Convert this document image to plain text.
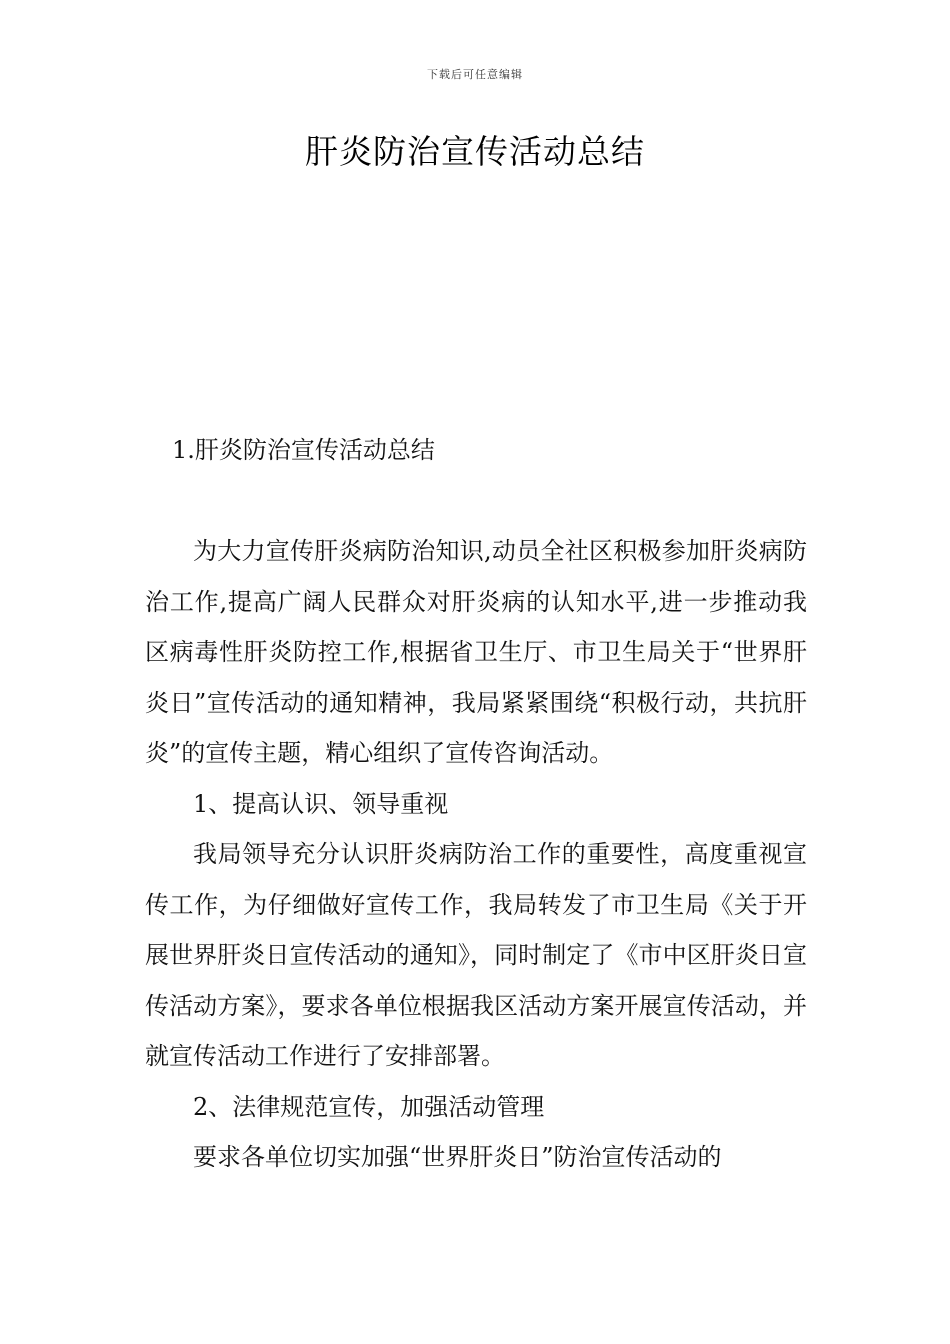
下载后可任意编辑
肝炎防治宣传活动总结
1.肝炎防治宣传活动总结

为大力宣传肝炎病防治知识,动员全社区积极参加肝炎病防治工作,提高广阔人民群众对肝炎病的认知水平,进一步推动我区病毒性肝炎防控工作,根据省卫生厅、市卫生局关于“世界肝炎日”宣传活动的通知精神，我局紧紧围绕“积极行动，共抗肝炎”的宣传主题，精心组织了宣传咨询活动。

1、提高认识、领导重视

我局领导充分认识肝炎病防治工作的重要性，高度重视宣传工作，为仔细做好宣传工作，我局转发了市卫生局《关于开展世界肝炎日宣传活动的通知》，同时制定了《市中区肝炎日宣传活动方案》，要求各单位根据我区活动方案开展宣传活动，并就宣传活动工作进行了安排部署。

2、法律规范宣传，加强活动管理

要求各单位切实加强“世界肝炎日”防治宣传活动的
